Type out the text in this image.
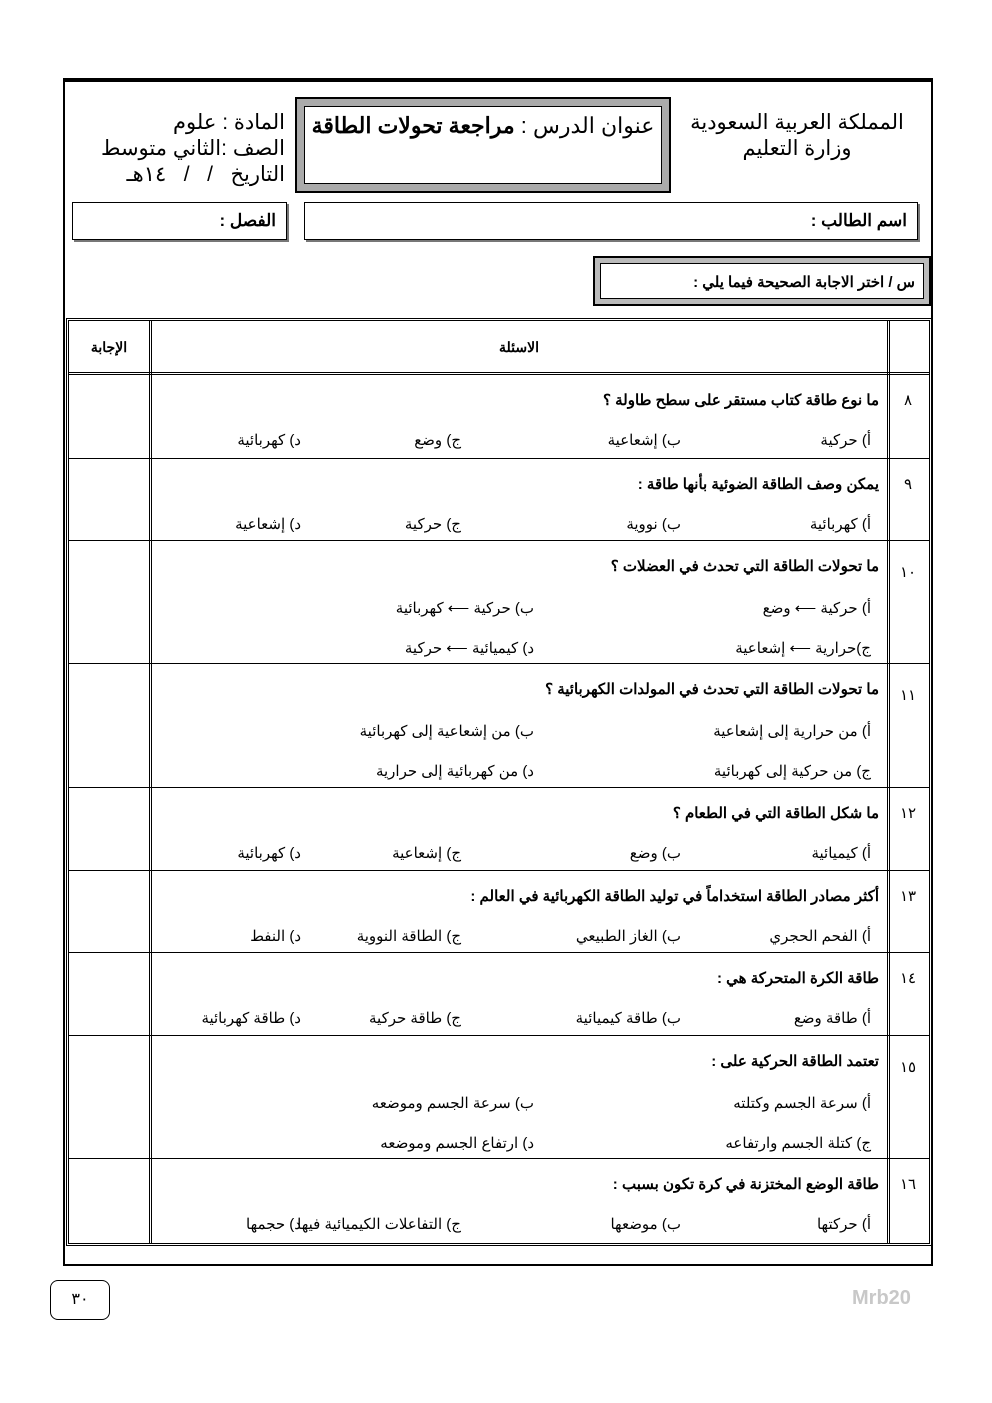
المملكة العربية السعودية
وزارة التعليم
عنوان الدرس : مراجعة تحولات الطاقة
المادة : علوم
الصف :الثاني متوسط
التاريخ   /   /   ١٤هـ
اسم الطالب :
الفصل :
س / اختر الاجابة الصحيحة فيما يلي :
الإجابة	الاسئلة
٨
ما نوع طاقة كتاب مستقر على سطح طاولة ؟
أ) حركية
ب) إشعاعية
ج) وضع
د) كهربائية
٩
يمكن وصف الطاقة الضوئية بأنها طاقة :
أ) كهربائية
ب) نووية
ج) حركية
د) إشعاعية
١٠
ما تحولات الطاقة التي تحدث في العضلات ؟
أ) حركية ⟵ وضع
ب) حركية ⟵ كهربائية
ج)حرارية ⟵ إشعاعية
د) كيميائية ⟵ حركية
١١
ما تحولات الطاقة التي تحدث في المولدات الكهربائية ؟
أ) من حرارية إلى إشعاعية
ب) من إشعاعية إلى كهربائية
ج) من حركية إلى كهربائية
د) من كهربائية إلى حرارية
١٢
ما شكل الطاقة التي في الطعام ؟
أ) كيميائية
ب) وضع
ج) إشعاعية
د) كهربائية
١٣
أكثر مصادر الطاقة استخداماً في توليد الطاقة الكهربائية في العالم :
أ) الفحم الحجري
ب) الغاز الطبيعي
ج) الطاقة النووية
د) النفط
١٤
طاقة الكرة المتحركة هي :
أ) طاقة وضع
ب) طاقة كيميائية
ج) طاقة حركية
د) طاقة كهربائية
١٥
تعتمد الطاقة الحركية على :
أ) سرعة الجسم وكتلته
ب) سرعة الجسم وموضعه
ج) كتلة الجسم وارتفاعه
د) ارتفاع الجسم وموضعه
١٦
طاقة الوضع المختزنة في كرة تكون بسبب :
أ) حركتها
ب) موضعها
ج) التفاعلات الكيميائية فيها
د) حجمها
٣٠	Mrb20
